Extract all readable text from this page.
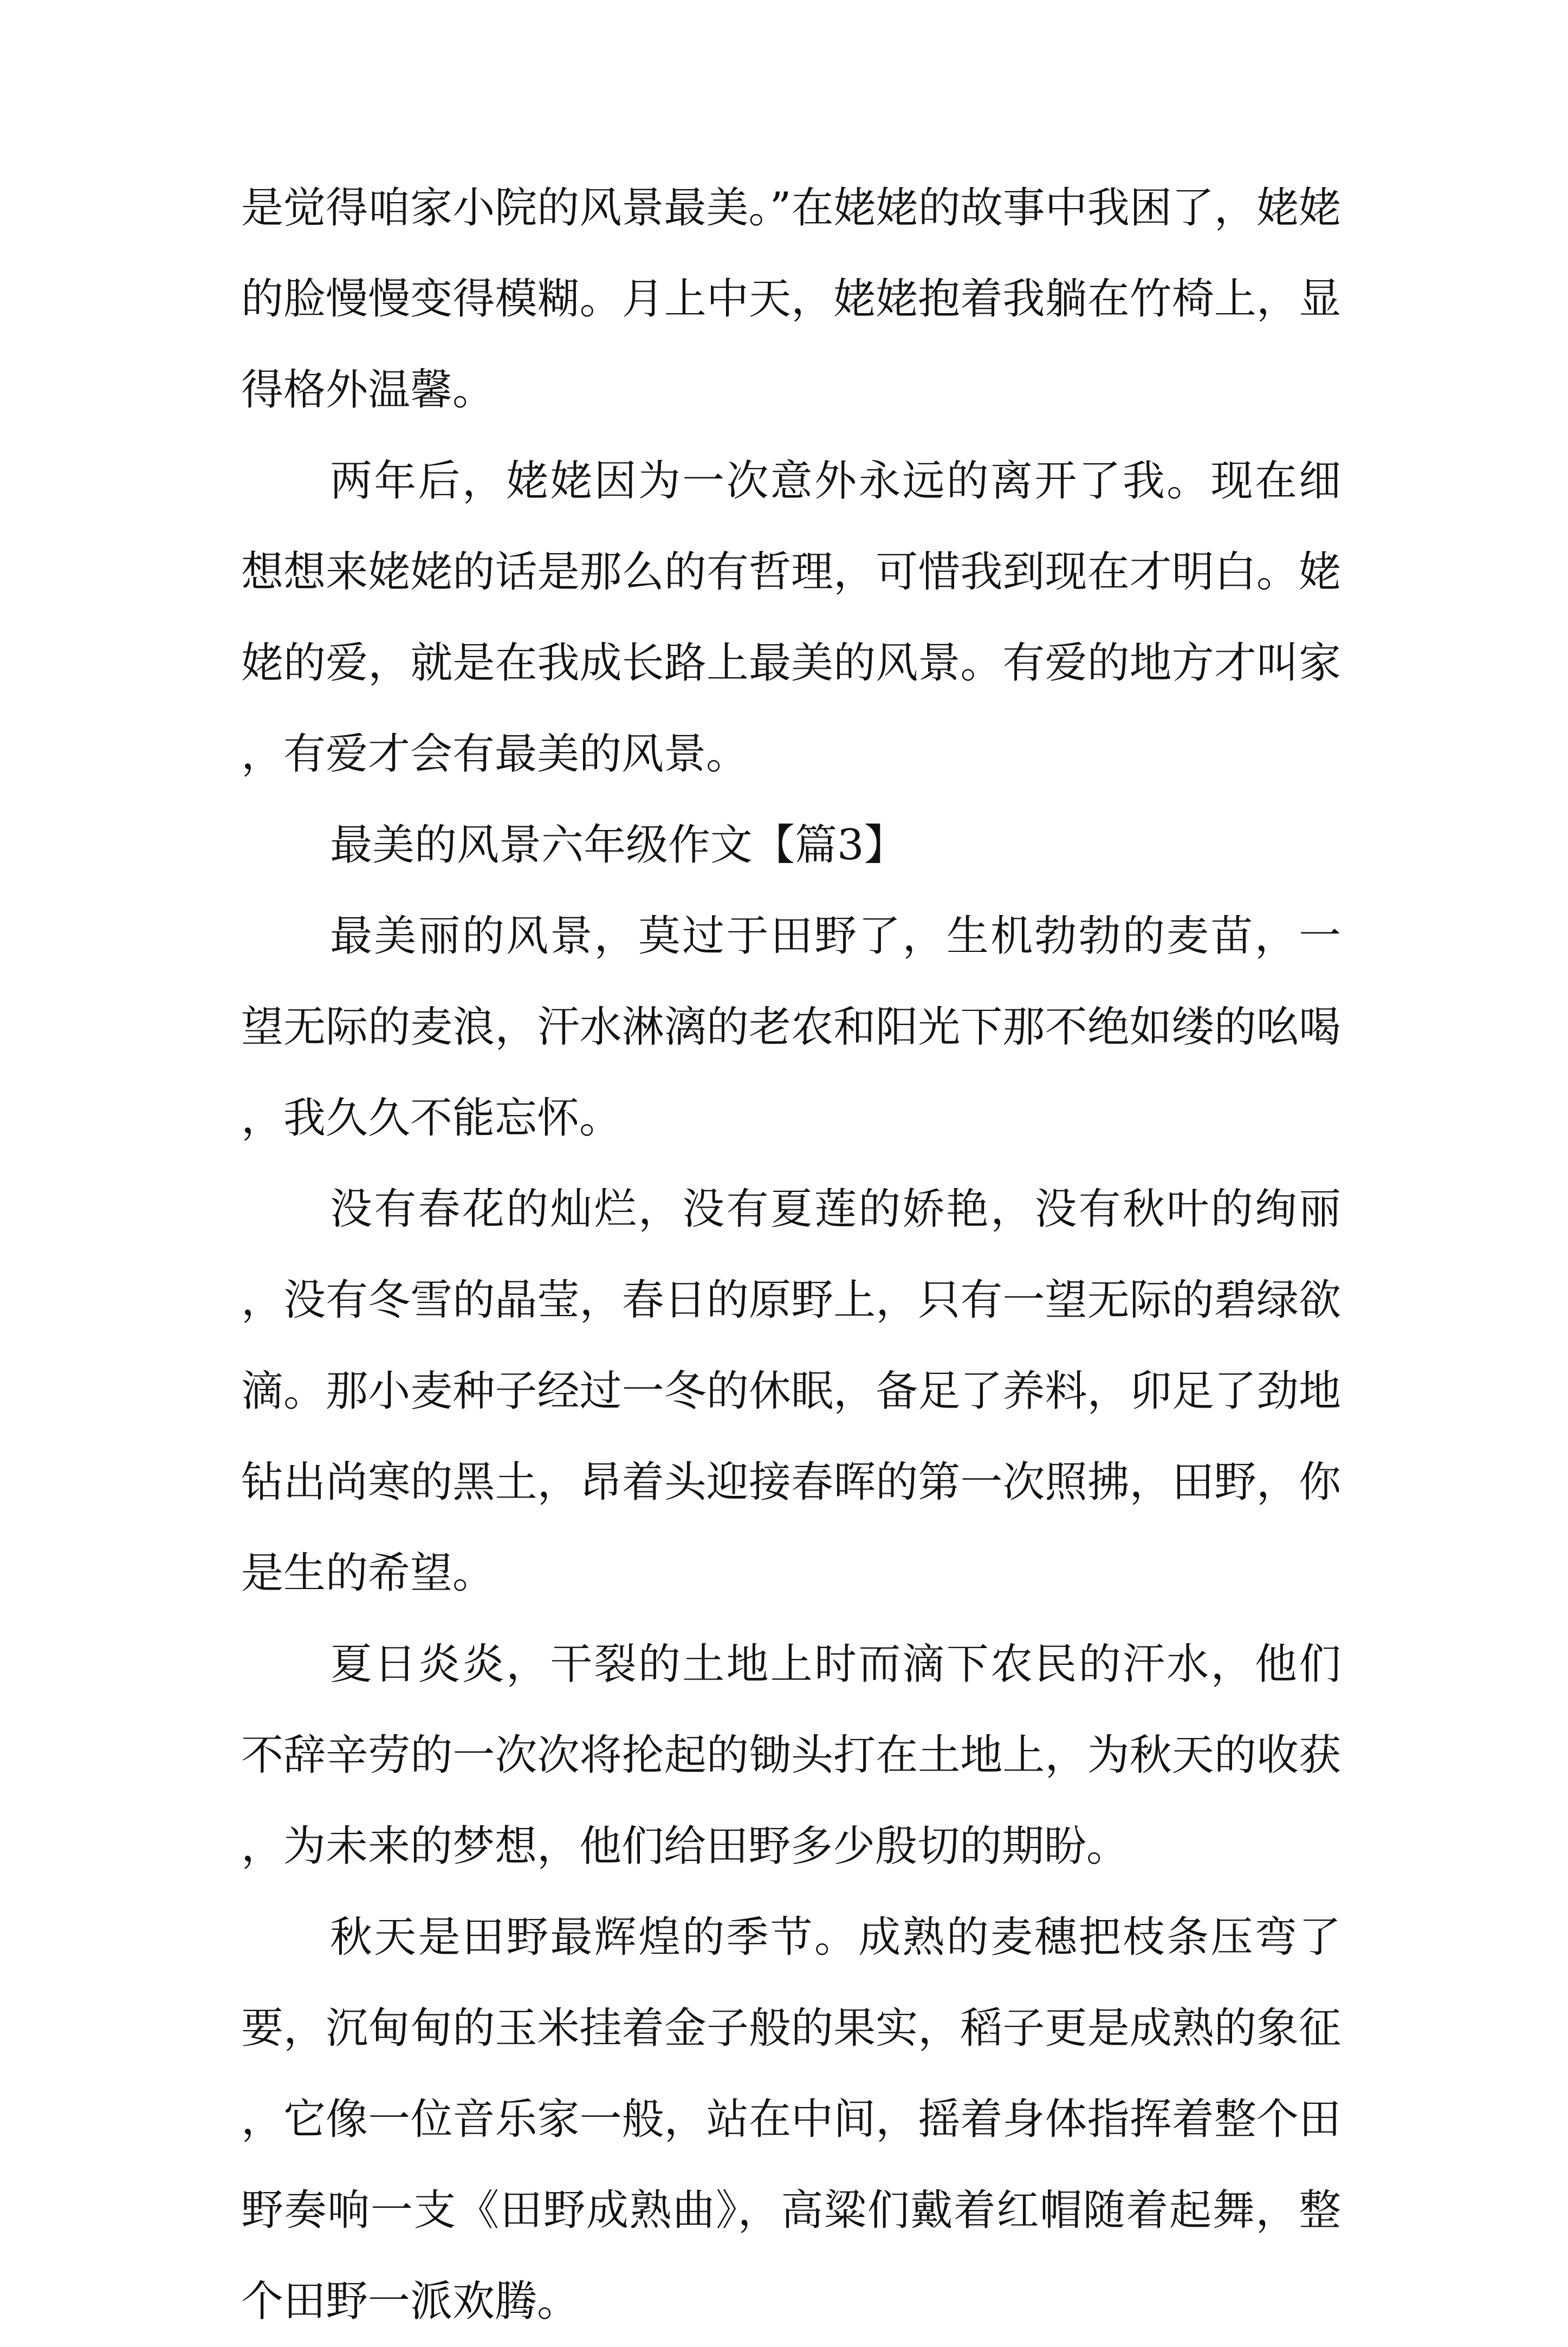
是觉得咱家小院的风景最美。”在姥姥的故事中我困了，姥姥的脸慢慢变得模糊。月上中天，姥姥抱着我躺在竹椅上，显得格外温馨。

两年后，姥姥因为一次意外永远的离开了我。现在细想想来姥姥的话是那么的有哲理，可惜我到现在才明白。姥姥的爱，就是在我成长路上最美的风景。有爱的地方才叫家，有爱才会有最美的风景。

最美的风景六年级作文【篇3】

最美丽的风景，莫过于田野了，生机勃勃的麦苗，一望无际的麦浪，汗水淋漓的老农和阳光下那不绝如缕的吆喝，我久久不能忘怀。

没有春花的灿烂，没有夏莲的娇艳，没有秋叶的绚丽，没有冬雪的晶莹，春日的原野上，只有一望无际的碧绿欲滴。那小麦种子经过一冬的休眠，备足了养料，卯足了劲地钻出尚寒的黑土，昂着头迎接春晖的第一次照拂，田野，你是生的希望。

夏日炎炎，干裂的土地上时而滴下农民的汗水，他们不辞辛劳的一次次将抡起的锄头打在土地上，为秋天的收获，为未来的梦想，他们给田野多少殷切的期盼。

秋天是田野最辉煌的季节。成熟的麦穗把枝条压弯了要，沉甸甸的玉米挂着金子般的果实，稻子更是成熟的象征，它像一位音乐家一般，站在中间，摇着身体指挥着整个田野奏响一支《田野成熟曲》，高粱们戴着红帽随着起舞，整个田野一派欢腾。
